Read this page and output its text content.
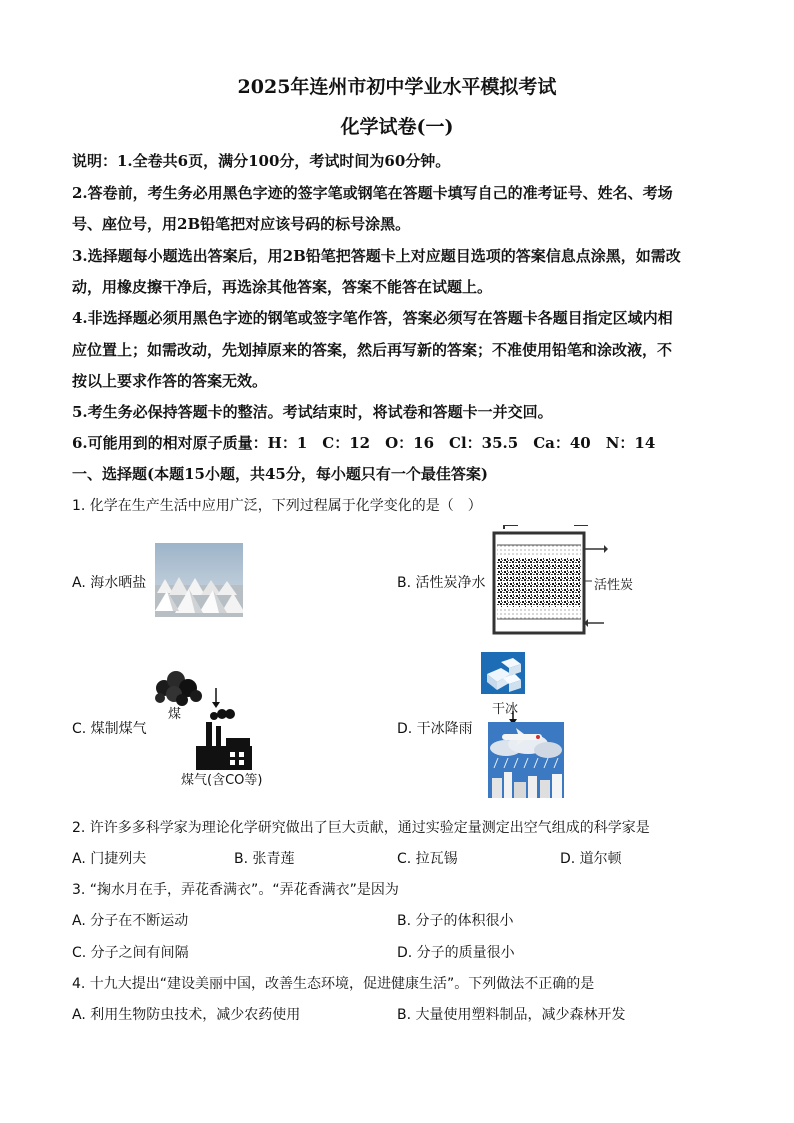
2025年连州市初中学业水平模拟考试
化学试卷(一)
说明：1.全卷共6页，满分100分，考试时间为60分钟。
2.答卷前，考生务必用黑色字迹的签字笔或钢笔在答题卡填写自己的准考证号、姓名、考场
号、座位号，用2B铅笔把对应该号码的标号涂黑。
3.选择题每小题选出答案后，用2B铅笔把答题卡上对应题目选项的答案信息点涂黑，如需改
动，用橡皮擦干净后，再选涂其他答案，答案不能答在试题上。
4.非选择题必须用黑色字迹的钢笔或签字笔作答，答案必须写在答题卡各题目指定区域内相
应位置上；如需改动，先划掉原来的答案，然后再写新的答案；不准使用铅笔和涂改液，不
按以上要求作答的答案无效。
5.考生务必保持答题卡的整洁。考试结束时，将试卷和答题卡一并交回。
6.可能用到的相对原子质量：H：1　C：12　O：16　Cl：35.5　Ca：40　N：14
一、选择题(本题15小题，共45分，每小题只有一个最佳答案)
1. 化学在生产生活中应用广泛，下列过程属于化学变化的是（　）
A. 海水晒盐	B. 活性炭净水	活性炭
C. 煤制煤气
煤
煤气(含CO等)
D. 干冰降雨
干冰
2. 许许多多科学家为理论化学研究做出了巨大贡献，通过实验定量测定出空气组成的科学家是
A. 门捷列夫	B. 张青莲	C. 拉瓦锡	D. 道尔顿
3. “掬水月在手，弄花香满衣”。“弄花香满衣”是因为
A. 分子在不断运动	B. 分子的体积很小
C. 分子之间有间隔	D. 分子的质量很小
4. 十九大提出“建设美丽中国，改善生态环境，促进健康生活”。下列做法不正确的是
A. 利用生物防虫技术，减少农药使用	B. 大量使用塑料制品，减少森林开发
